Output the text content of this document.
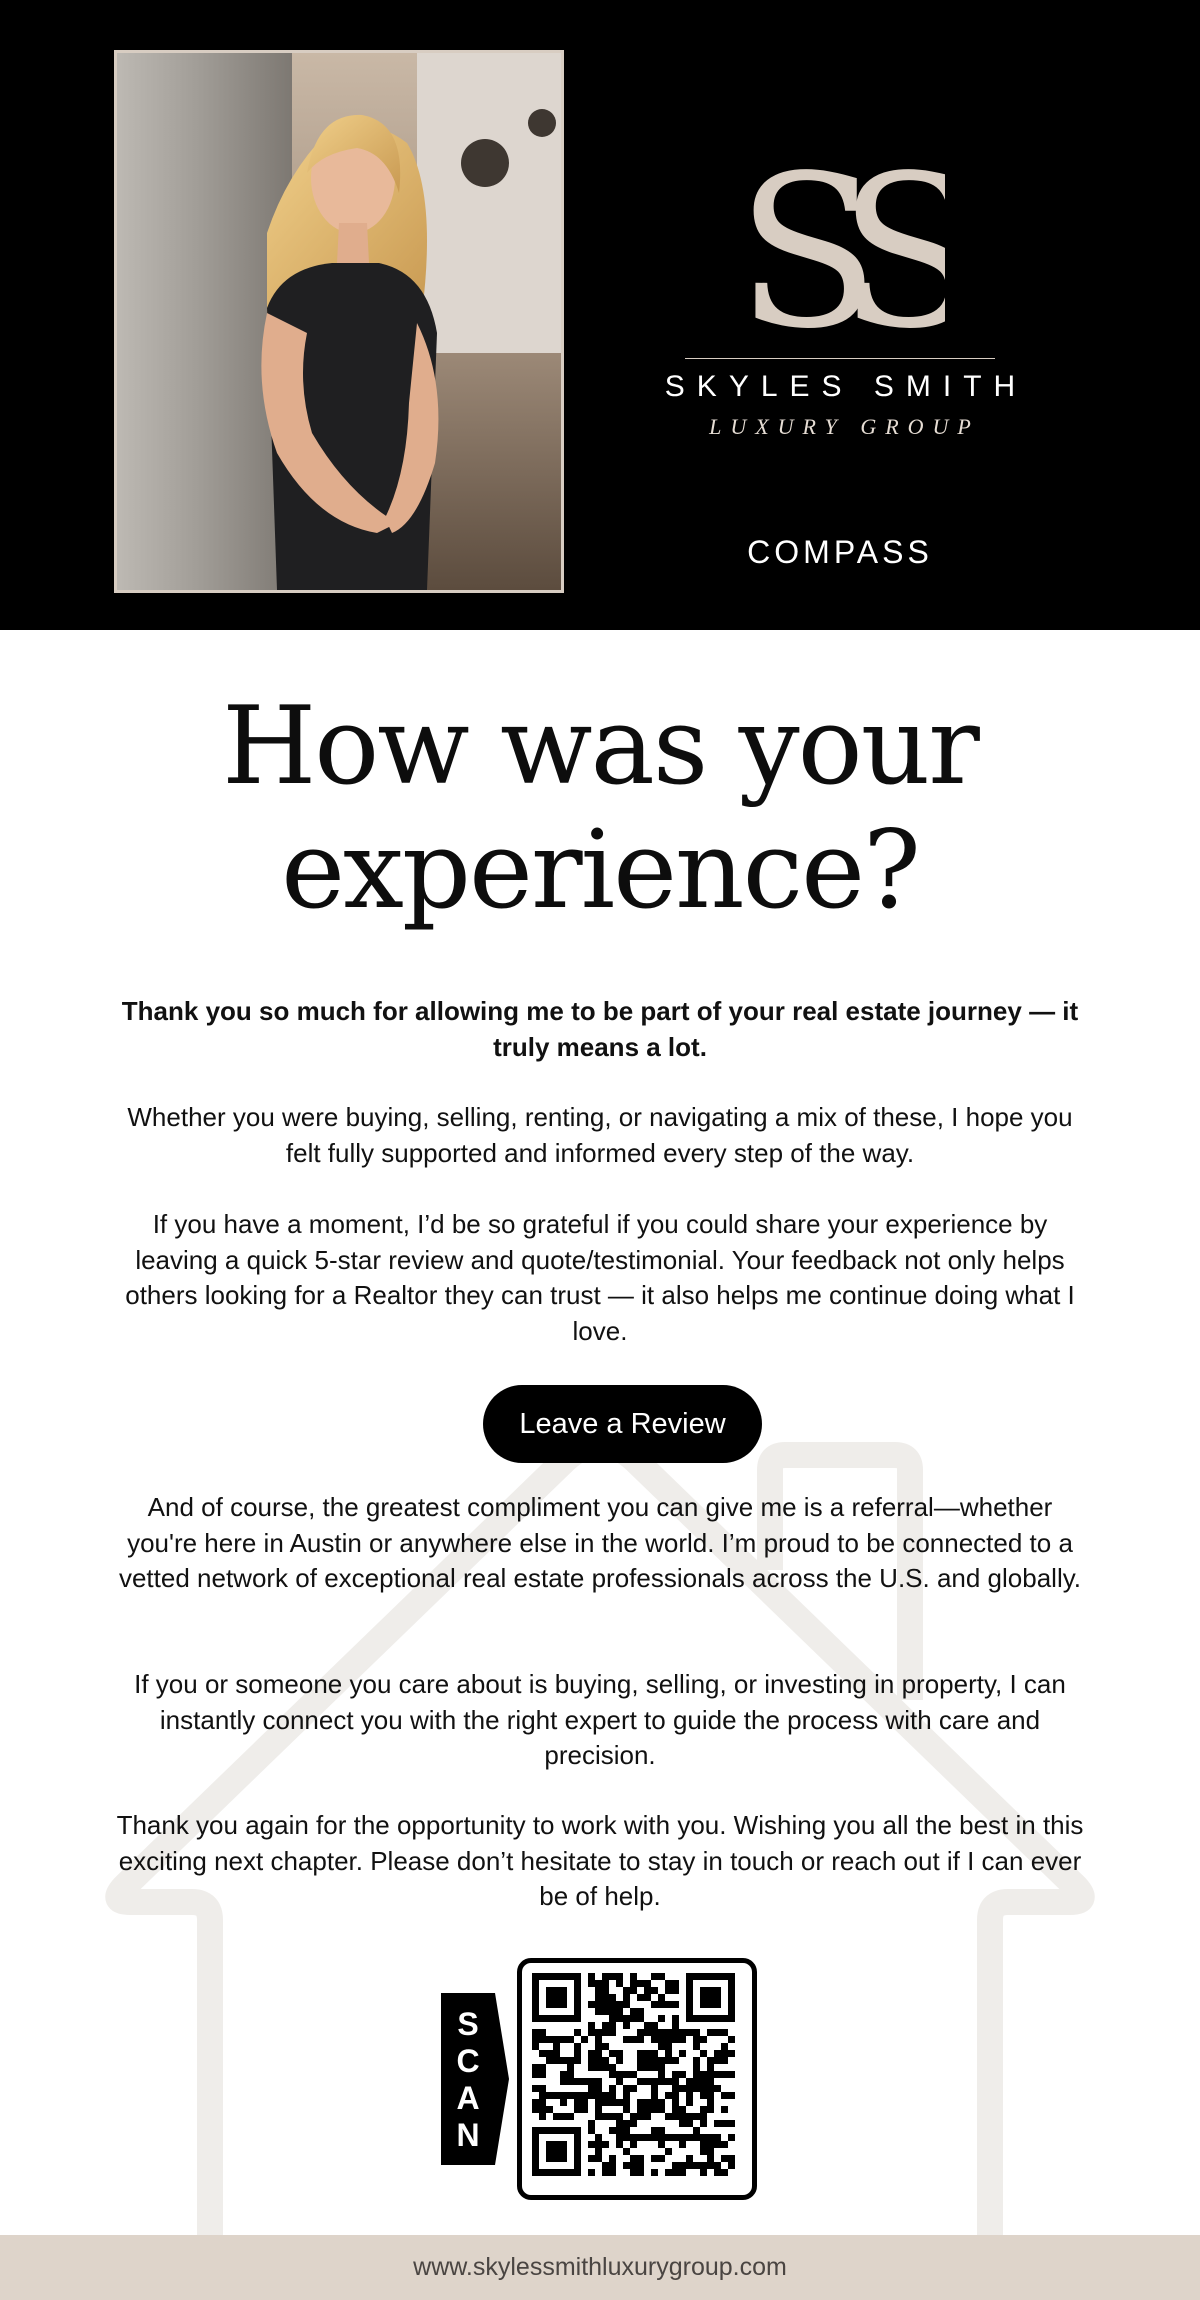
SS
SKYLES SMITH
LUXURY GROUP
COMPASS
How was your
experience?

Thank you so much for allowing me to be part of your real estate journey — it truly means a lot.

Whether you were buying, selling, renting, or navigating a mix of these, I hope you felt fully supported and informed every step of the way.

If you have a moment, I’d be so grateful if you could share your experience by leaving a quick 5-star review and quote/testimonial. Your feedback not only helps others looking for a Realtor they can trust — it also helps me continue doing what I love.

Leave a Review

And of course, the greatest compliment you can give me is a referral—whether you're here in Austin or anywhere else in the world. I’m proud to be connected to a vetted network of exceptional real estate professionals across the U.S. and globally.

If you or someone you care about is buying, selling, or investing in property, I can instantly connect you with the right expert to guide the process with care and precision.

Thank you again for the opportunity to work with you. Wishing you all the best in this exciting next chapter. Please don’t hesitate to stay in touch or reach out if I can ever be of help.

S
C
A
N
www.skylessmithluxurygroup.com
